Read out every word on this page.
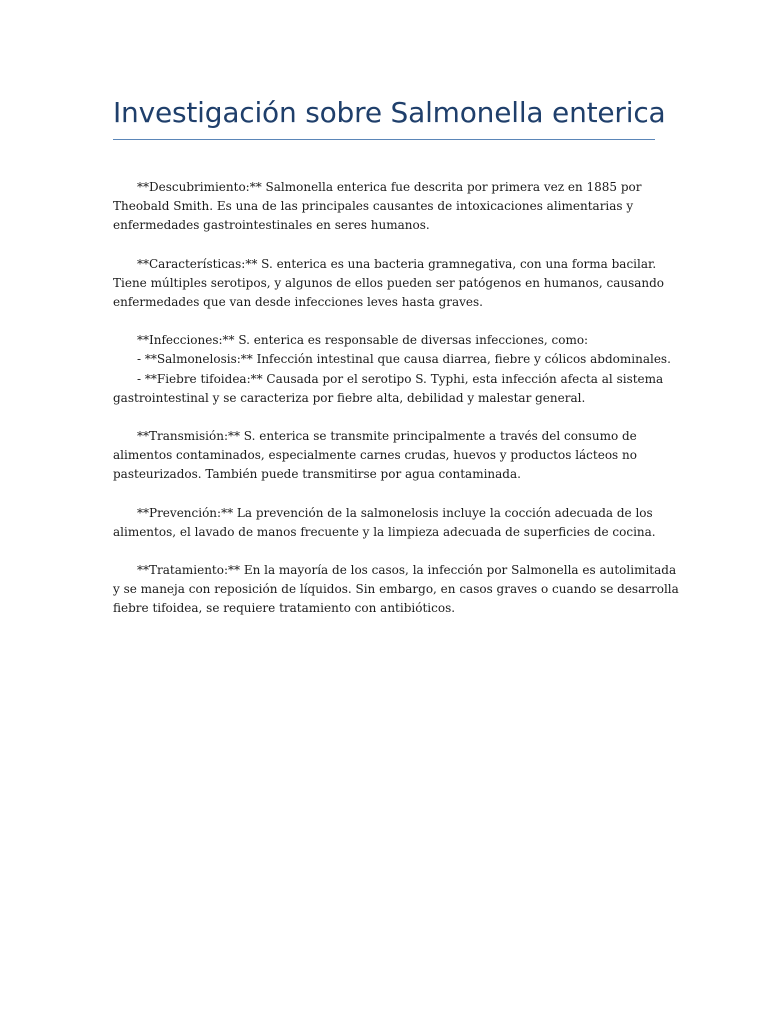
Investigación sobre Salmonella enterica

**Descubrimiento:** Salmonella enterica fue descrita por primera vez en 1885 por
Theobald Smith. Es una de las principales causantes de intoxicaciones alimentarias y
enfermedades gastrointestinales en seres humanos.

**Características:** S. enterica es una bacteria gramnegativa, con una forma bacilar.
Tiene múltiples serotipos, y algunos de ellos pueden ser patógenos en humanos, causando
enfermedades que van desde infecciones leves hasta graves.

**Infecciones:** S. enterica es responsable de diversas infecciones, como:
- **Salmonelosis:** Infección intestinal que causa diarrea, fiebre y cólicos abdominales.
- **Fiebre tifoidea:** Causada por el serotipo S. Typhi, esta infección afecta al sistema
gastrointestinal y se caracteriza por fiebre alta, debilidad y malestar general.

**Transmisión:** S. enterica se transmite principalmente a través del consumo de
alimentos contaminados, especialmente carnes crudas, huevos y productos lácteos no
pasteurizados. También puede transmitirse por agua contaminada.

**Prevención:** La prevención de la salmonelosis incluye la cocción adecuada de los
alimentos, el lavado de manos frecuente y la limpieza adecuada de superficies de cocina.

**Tratamiento:** En la mayoría de los casos, la infección por Salmonella es autolimitada
y se maneja con reposición de líquidos. Sin embargo, en casos graves o cuando se desarrolla
fiebre tifoidea, se requiere tratamiento con antibióticos.
